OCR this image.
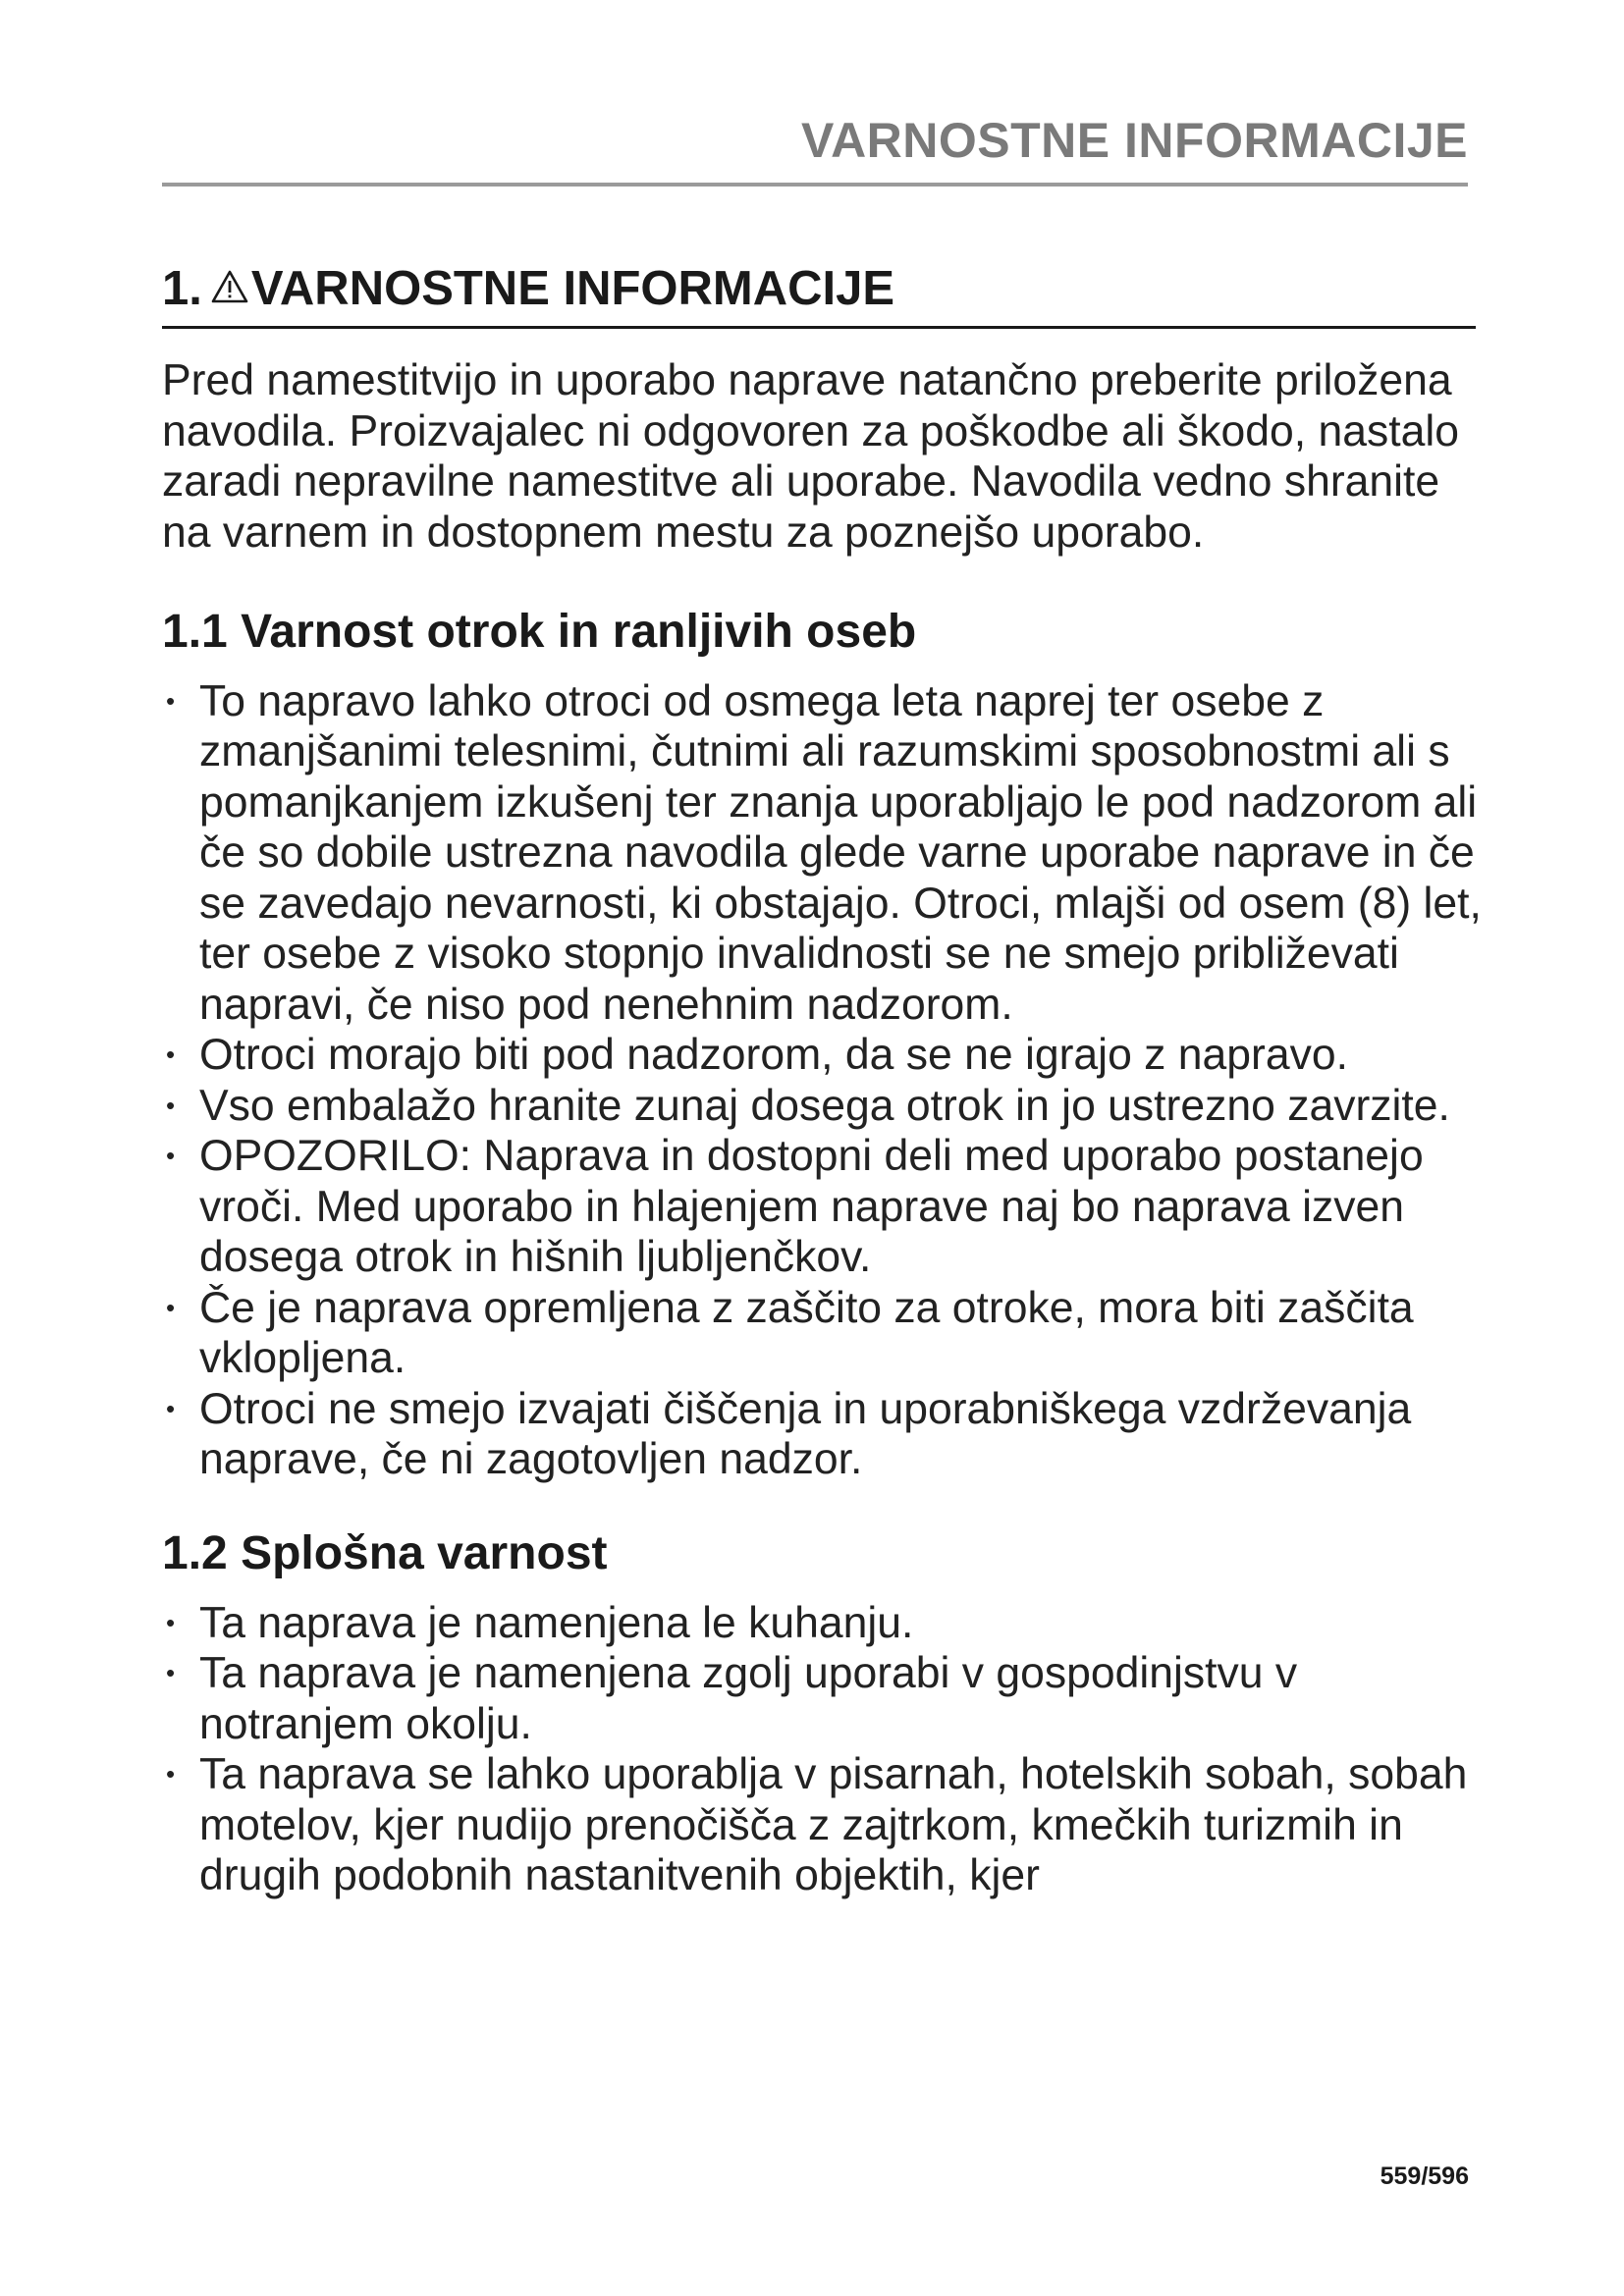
VARNOSTNE INFORMACIJE
1. VARNOSTNE INFORMACIJE

Pred namestitvijo in uporabo naprave natančno preberite priložena navodila. Proizvajalec ni odgovoren za poškodbe ali škodo, nastalo zaradi nepravilne namestitve ali uporabe. Navodila vedno shranite na varnem in dostopnem mestu za poznejšo uporabo.

1.1 Varnost otrok in ranljivih oseb
• To napravo lahko otroci od osmega leta naprej ter osebe z zmanjšanimi telesnimi, čutnimi ali razumskimi sposobnostmi ali s pomanjkanjem izkušenj ter znanja uporabljajo le pod nadzorom ali če so dobile ustrezna navodila glede varne uporabe naprave in če se zavedajo nevarnosti, ki obstajajo. Otroci, mlajši od osem (8) let, ter osebe z visoko stopnjo invalidnosti se ne smejo približevati napravi, če niso pod nenehnim nadzorom.
• Otroci morajo biti pod nadzorom, da se ne igrajo z napravo.
• Vso embalažo hranite zunaj dosega otrok in jo ustrezno zavrzite.
• OPOZORILO: Naprava in dostopni deli med uporabo postanejo vroči. Med uporabo in hlajenjem naprave naj bo naprava izven dosega otrok in hišnih ljubljenčkov.
• Če je naprava opremljena z zaščito za otroke, mora biti zaščita vklopljena.
• Otroci ne smejo izvajati čiščenja in uporabniškega vzdrževanja naprave, če ni zagotovljen nadzor.
1.2 Splošna varnost
• Ta naprava je namenjena le kuhanju.
• Ta naprava je namenjena zgolj uporabi v gospodinjstvu v notranjem okolju.
• Ta naprava se lahko uporablja v pisarnah, hotelskih sobah, sobah motelov, kjer nudijo prenočišča z zajtrkom, kmečkih turizmih in drugih podobnih nastanitvenih objektih, kjer
559/596
